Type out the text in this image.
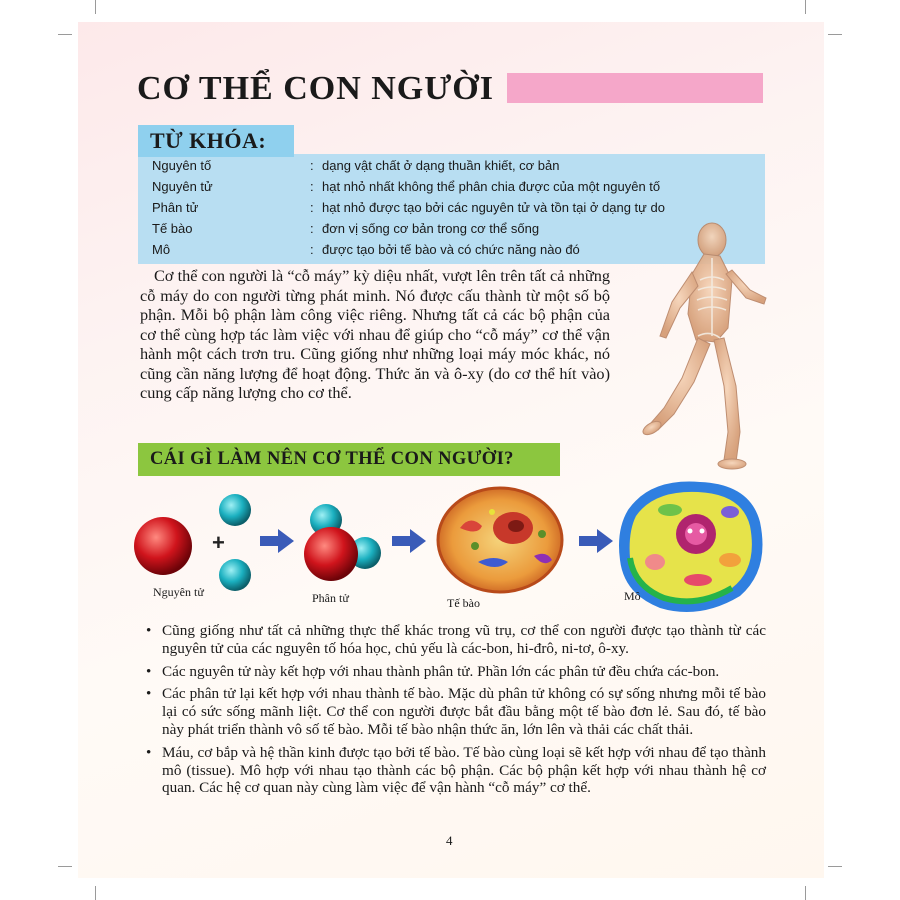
CƠ THỂ CON NGƯỜI
TỪ KHÓA:
Nguyên tố	: dạng vật chất ở dạng thuần khiết, cơ bản
Nguyên tử	: hạt nhỏ nhất không thể phân chia được của một nguyên tố
Phân tử	: hạt nhỏ được tạo bởi các nguyên tử và tồn tại ở dạng tự do
Tế bào	: đơn vị sống cơ bản trong cơ thể sống
Mô	: được tạo bởi tế bào và có chức năng nào đó

Cơ thể con người là “cỗ máy” kỳ diệu nhất, vượt lên trên tất cả những cỗ máy do con người từng phát minh. Nó được cấu thành từ một số bộ phận. Mỗi bộ phận làm công việc riêng. Nhưng tất cả các bộ phận của cơ thể cùng hợp tác làm việc với nhau để giúp cho “cỗ máy” cơ thể vận hành một cách trơn tru. Cũng giống như những loại máy móc khác, nó cũng cần năng lượng để hoạt động. Thức ăn và ô-xy (do cơ thể hít vào) cung cấp năng lượng cho cơ thể.

CÁI GÌ LÀM NÊN CƠ THỂ CON NGƯỜI?
+
Nguyên tử	Phân tử	Tế bào	Mô
• Cũng giống như tất cả những thực thể khác trong vũ trụ, cơ thể con người được tạo thành từ các nguyên tử của các nguyên tố hóa học, chủ yếu là các-bon, hi-đrô, ni-tơ, ô-xy.
• Các nguyên tử này kết hợp với nhau thành phân tử. Phần lớn các phân tử đều chứa các-bon.
• Các phân tử lại kết hợp với nhau thành tế bào. Mặc dù phân tử không có sự sống nhưng mỗi tế bào lại có sức sống mãnh liệt. Cơ thể con người được bắt đầu bằng một tế bào đơn lẻ. Sau đó, tế bào này phát triển thành vô số tế bào. Mỗi tế bào nhận thức ăn, lớn lên và thải các chất thải.
• Máu, cơ bắp và hệ thần kinh được tạo bởi tế bào. Tế bào cùng loại sẽ kết hợp với nhau để tạo thành mô (tissue). Mô hợp với nhau tạo thành các bộ phận. Các bộ phận kết hợp với nhau thành hệ cơ quan. Các hệ cơ quan này cùng làm việc để vận hành “cỗ máy” cơ thể.
4
